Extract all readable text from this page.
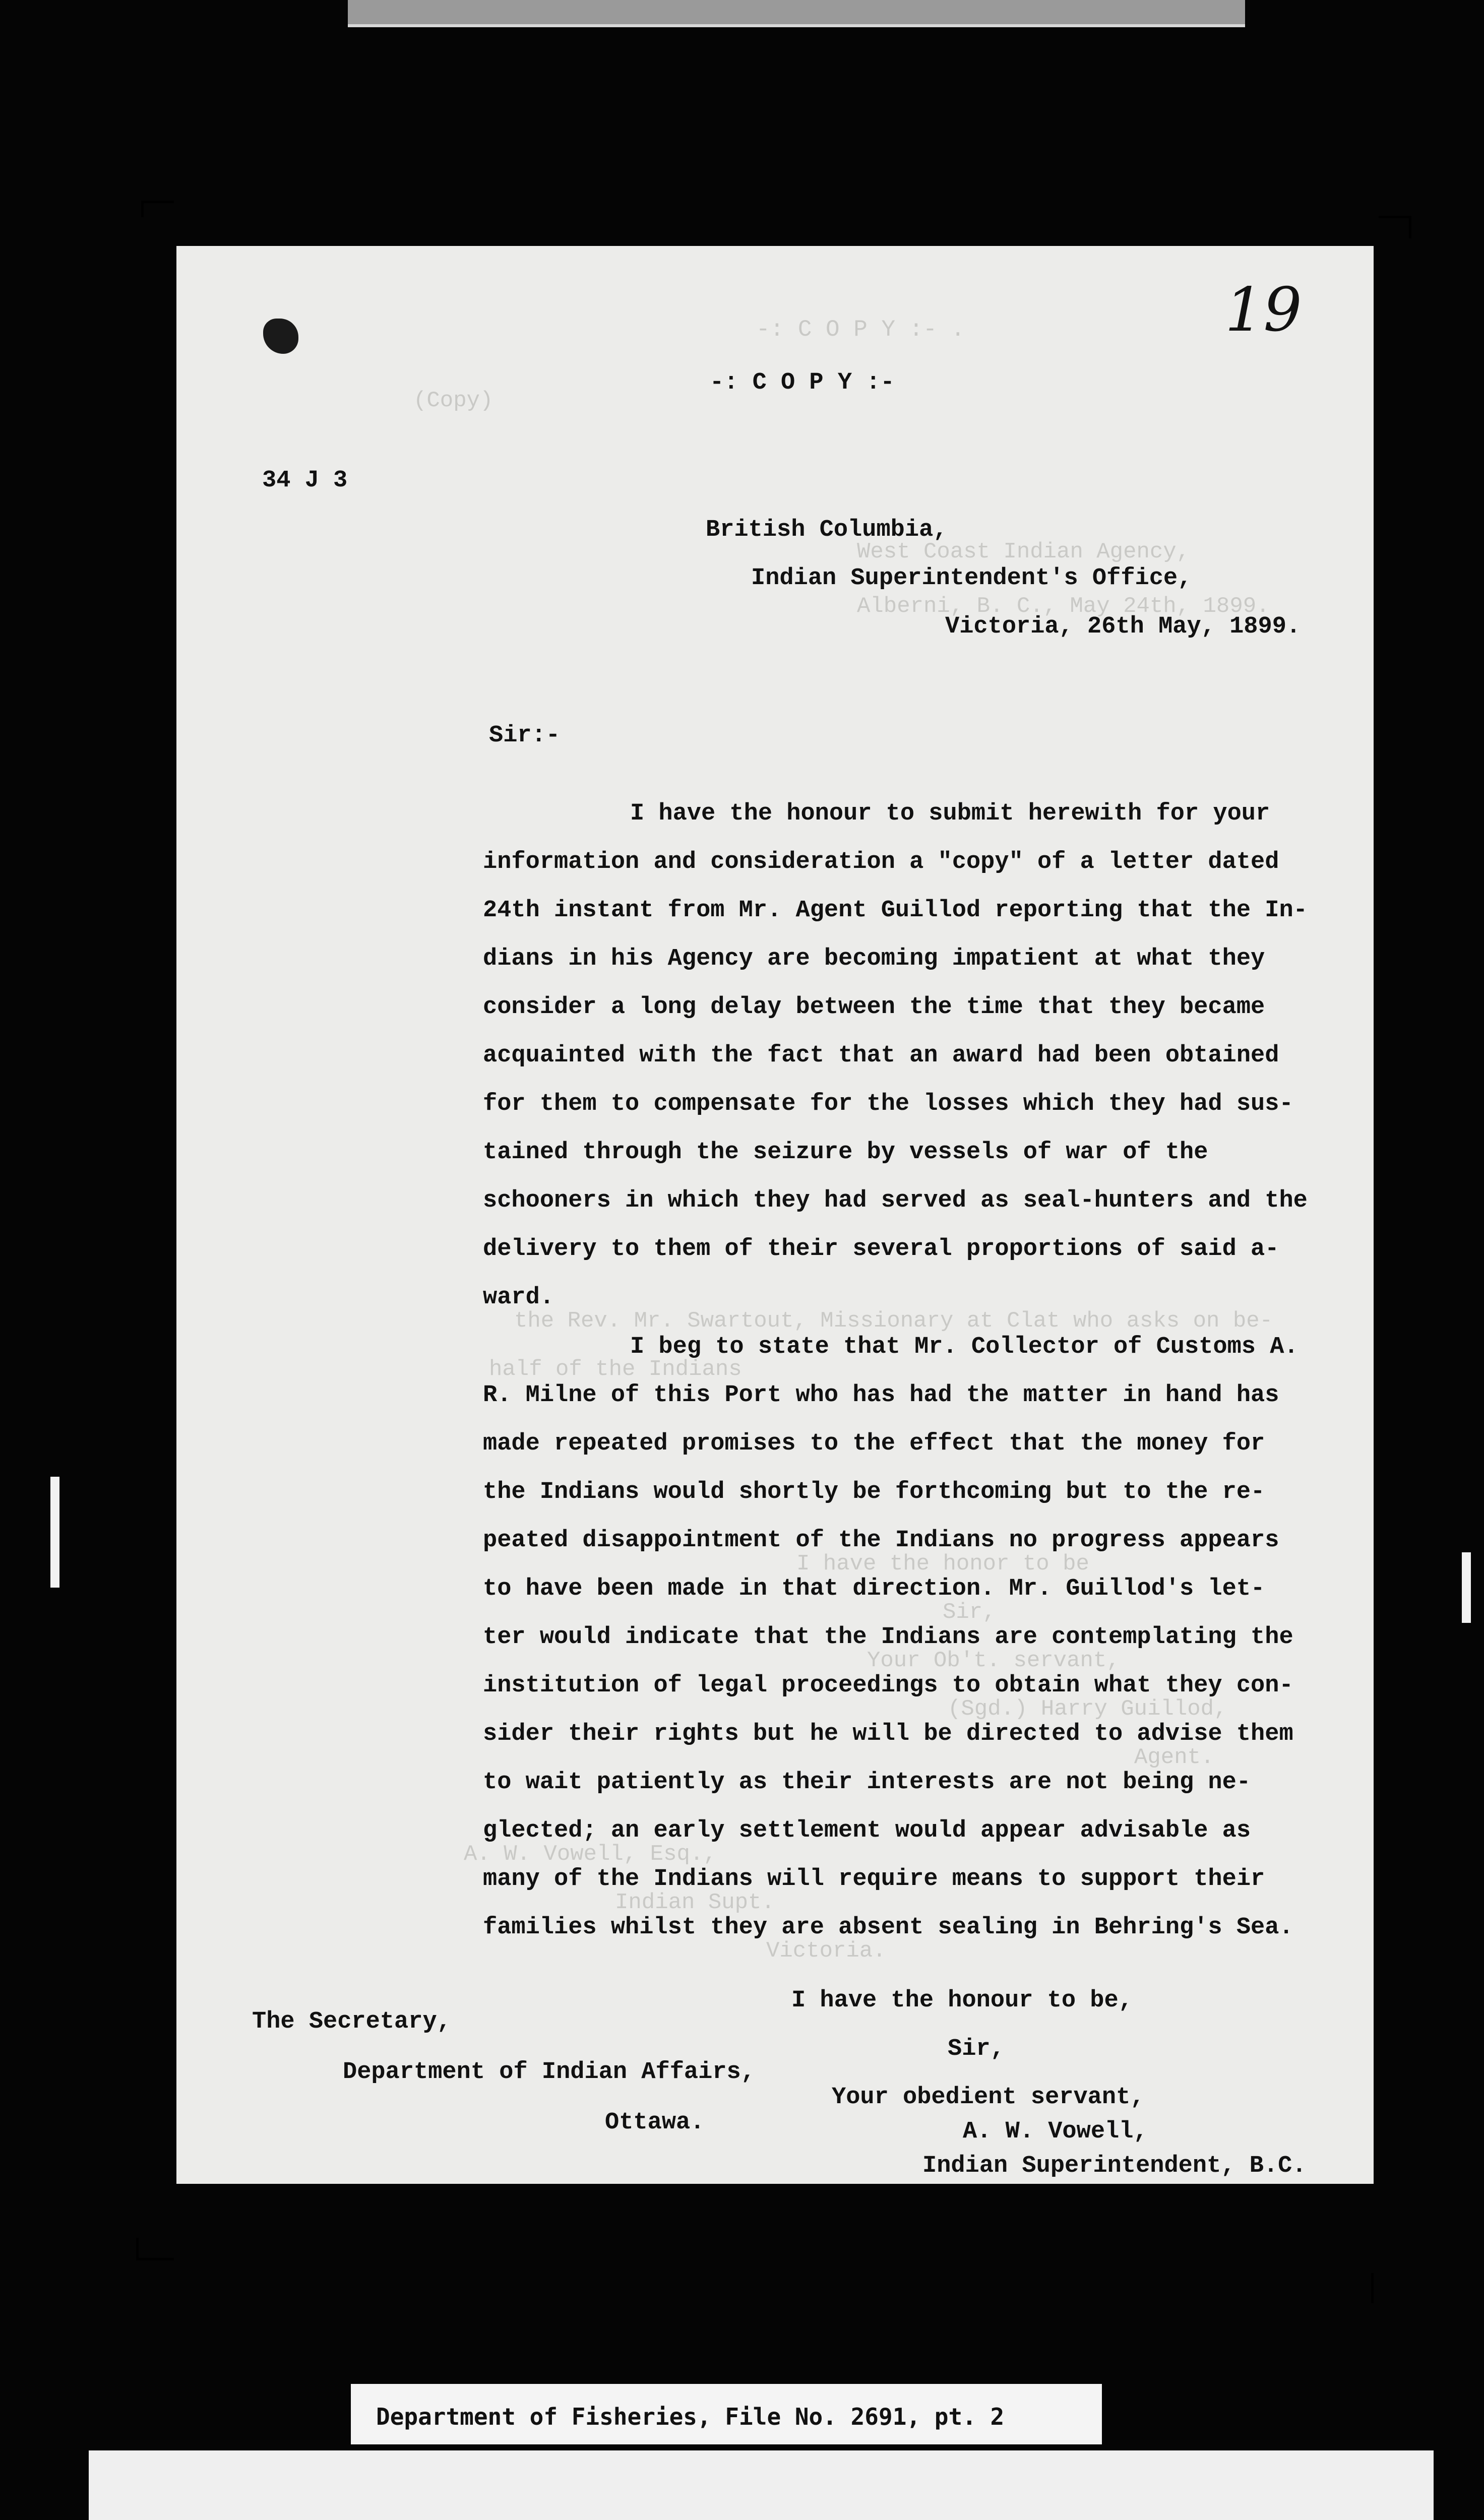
19
-: C O P Y :- .
-: C O P Y :-
(Copy)
34 J 3
West Coast Indian Agency,
Alberni, B. C., May 24th, 1899.
British Columbia,
Indian Superintendent's Office,
Victoria, 26th May, 1899.
Sir:-
I have the honour to submit herewith for your
information and consideration a "copy" of a letter dated
24th instant from Mr. Agent Guillod reporting that the In-
dians in his Agency are becoming impatient at what they
consider a long delay between the time that they became
acquainted with the fact that an award had been obtained
for them to compensate for the losses which they had sus-
tained through the seizure by vessels of war of the
schooners in which they had served as seal-hunters and the
delivery to them of their several proportions of said a-
ward.
I beg to state that Mr. Collector of Customs A.
R. Milne of this Port who has had the matter in hand has
made repeated promises to the effect that the money for
the Indians would shortly be forthcoming but to the re-
peated disappointment of the Indians no progress appears
to have been made in that direction. Mr. Guillod's let-
ter would indicate that the Indians are contemplating the
institution of legal proceedings to obtain what they con-
sider their rights but he will be directed to advise them
to wait patiently as their interests are not being ne-
glected; an early settlement would appear advisable as
many of the Indians will require means to support their
families whilst they are absent sealing in Behring's Sea.
the Rev. Mr. Swartout, Missionary at Clat who asks on be-
half of the Indians
I have the honor to be
Sir,
Your Ob't. servant,
(Sgd.) Harry Guillod,
Agent.
A. W. Vowell, Esq.,
Indian Supt.
Victoria.
I have the honour to be,
Sir,
Your obedient servant,
A. W. Vowell,
Indian Superintendent, B.C.
The Secretary,
Department of Indian Affairs,
Ottawa.
Department of Fisheries, File No. 2691, pt. 2
